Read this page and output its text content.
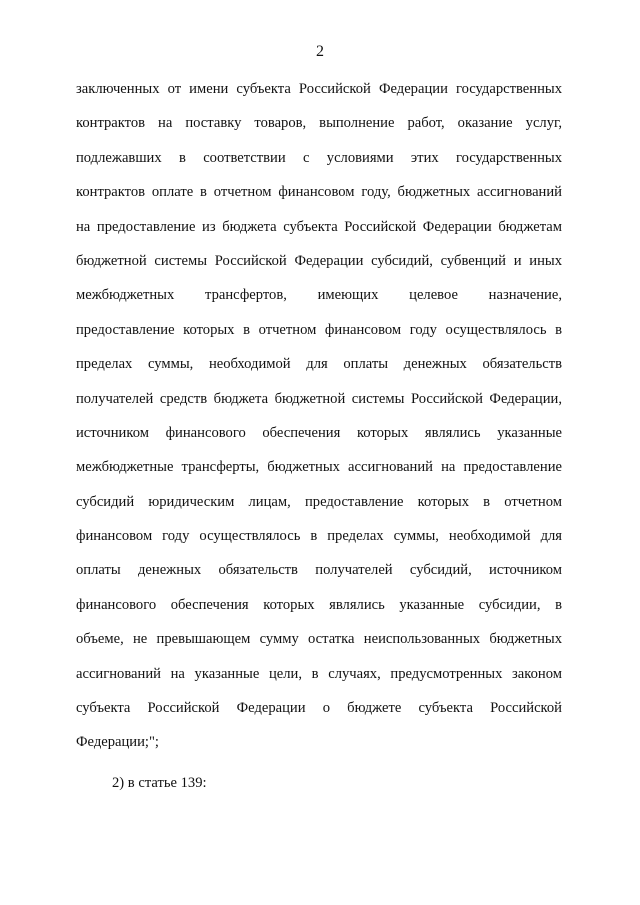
2
заключенных от имени субъекта Российской Федерации государственных
контрактов на поставку товаров, выполнение работ, оказание услуг,
подлежавших в соответствии с условиями этих государственных
контрактов оплате в отчетном финансовом году, бюджетных ассигнований
на предоставление из бюджета субъекта Российской Федерации бюджетам
бюджетной системы Российской Федерации субсидий, субвенций и иных
межбюджетных трансфертов, имеющих целевое назначение,
предоставление которых в отчетном финансовом году осуществлялось в
пределах суммы, необходимой для оплаты денежных обязательств
получателей средств бюджета бюджетной системы Российской Федерации,
источником финансового обеспечения которых являлись указанные
межбюджетные трансферты, бюджетных ассигнований на предоставление
субсидий юридическим лицам, предоставление которых в отчетном
финансовом году осуществлялось в пределах суммы, необходимой для
оплаты денежных обязательств получателей субсидий, источником
финансового обеспечения которых являлись указанные субсидии, в
объеме, не превышающем сумму остатка неиспользованных бюджетных
ассигнований на указанные цели, в случаях, предусмотренных законом
субъекта Российской Федерации о бюджете субъекта Российской
Федерации;";
2) в статье 139:
